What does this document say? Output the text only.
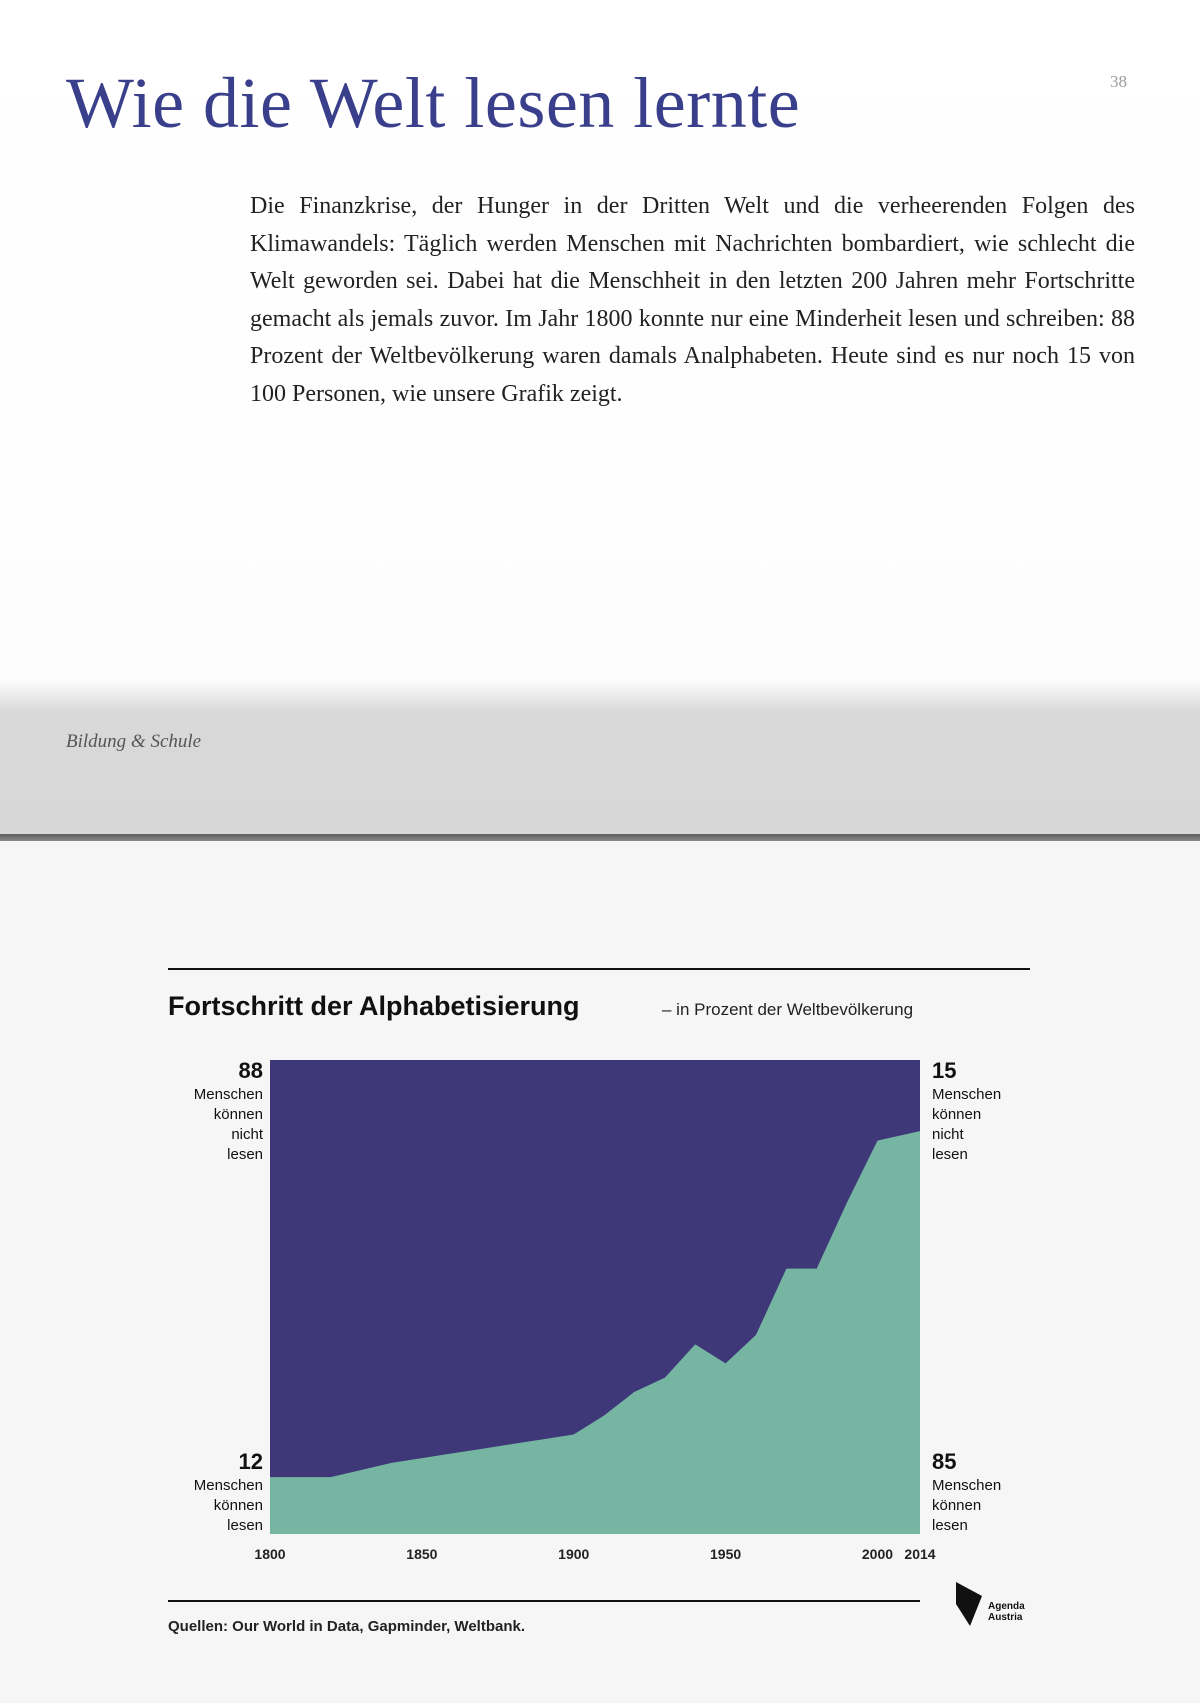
Wie die Welt lesen lernte	38

Die Finanzkrise, der Hunger in der Dritten Welt und die verheerenden Folgen des Klimawandels: Täglich werden Menschen mit Nachrichten bombardiert, wie schlecht die Welt geworden sei. Dabei hat die Menschheit in den letzten 200 Jahren mehr Fortschritte gemacht als jemals zuvor. Im Jahr 1800 konnte nur eine Minderheit lesen und schreiben: 88 Prozent der Weltbevölkerung waren damals Analphabeten. Heute sind es nur noch 15 von 100 Personen, wie unsere Grafik zeigt.

Bildung & Schule
Fortschritt der Alphabetisierung	– in Prozent der Weltbevölkerung
88
Menschen
können
nicht
lesen
12
Menschen
können
lesen
15
Menschen
können
nicht
lesen
85
Menschen
können
lesen
1800	1850	1900	1950	2000 2014
Quellen: Our World in Data, Gapminder, Weltbank.
Agenda
Austria
